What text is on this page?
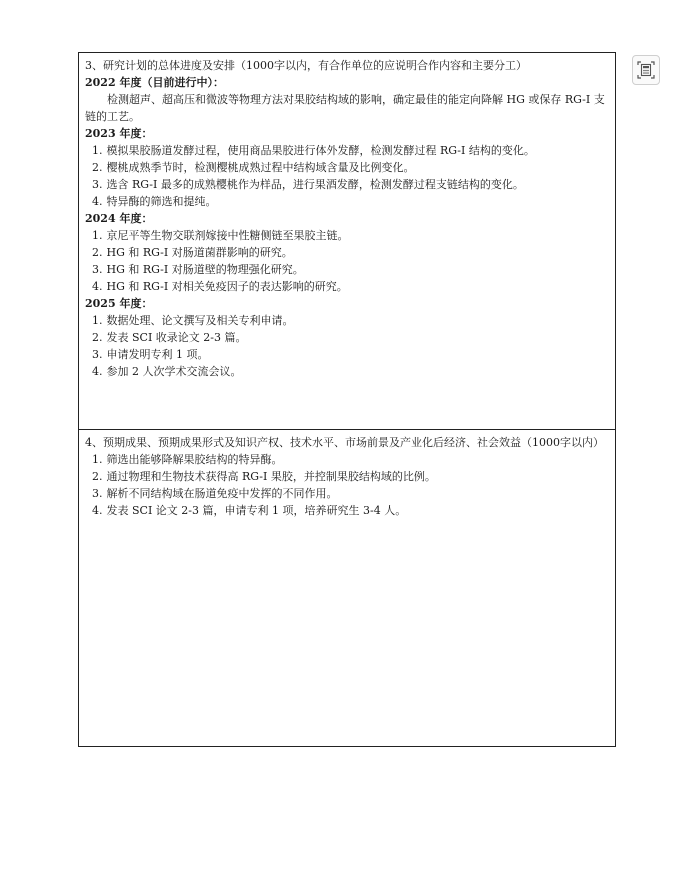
3、研究计划的总体进度及安排（1000字以内，有合作单位的应说明合作内容和主要分工）

2022 年度（目前进行中）：

检测超声、超高压和微波等物理方法对果胶结构域的影响，确定最佳的能定向降解 HG 或保存 RG-I 支链的工艺。

2023 年度：

1. 模拟果胶肠道发酵过程，使用商品果胶进行体外发酵，检测发酵过程 RG-I 结构的变化。
2. 樱桃成熟季节时，检测樱桃成熟过程中结构域含量及比例变化。
3. 选含 RG-I 最多的成熟樱桃作为样品，进行果酒发酵，检测发酵过程支链结构的变化。
4. 特异酶的筛选和提纯。

2024 年度：

1. 京尼平等生物交联剂嫁接中性糖侧链至果胶主链。
2. HG 和 RG-I 对肠道菌群影响的研究。
3. HG 和 RG-I 对肠道壁的物理强化研究。
4. HG 和 RG-I 对相关免疫因子的表达影响的研究。

2025 年度：

1. 数据处理、论文撰写及相关专利申请。
2. 发表 SCI 收录论文 2-3 篇。
3. 申请发明专利 1 项。
4. 参加 2 人次学术交流会议。

4、预期成果、预期成果形式及知识产权、技术水平、市场前景及产业化后经济、社会效益（1000字以内）

1. 筛选出能够降解果胶结构的特异酶。
2. 通过物理和生物技术获得高 RG-I 果胶，并控制果胶结构域的比例。
3. 解析不同结构域在肠道免疫中发挥的不同作用。
4. 发表 SCI 论文 2-3 篇，申请专利 1 项，培养研究生 3-4 人。
